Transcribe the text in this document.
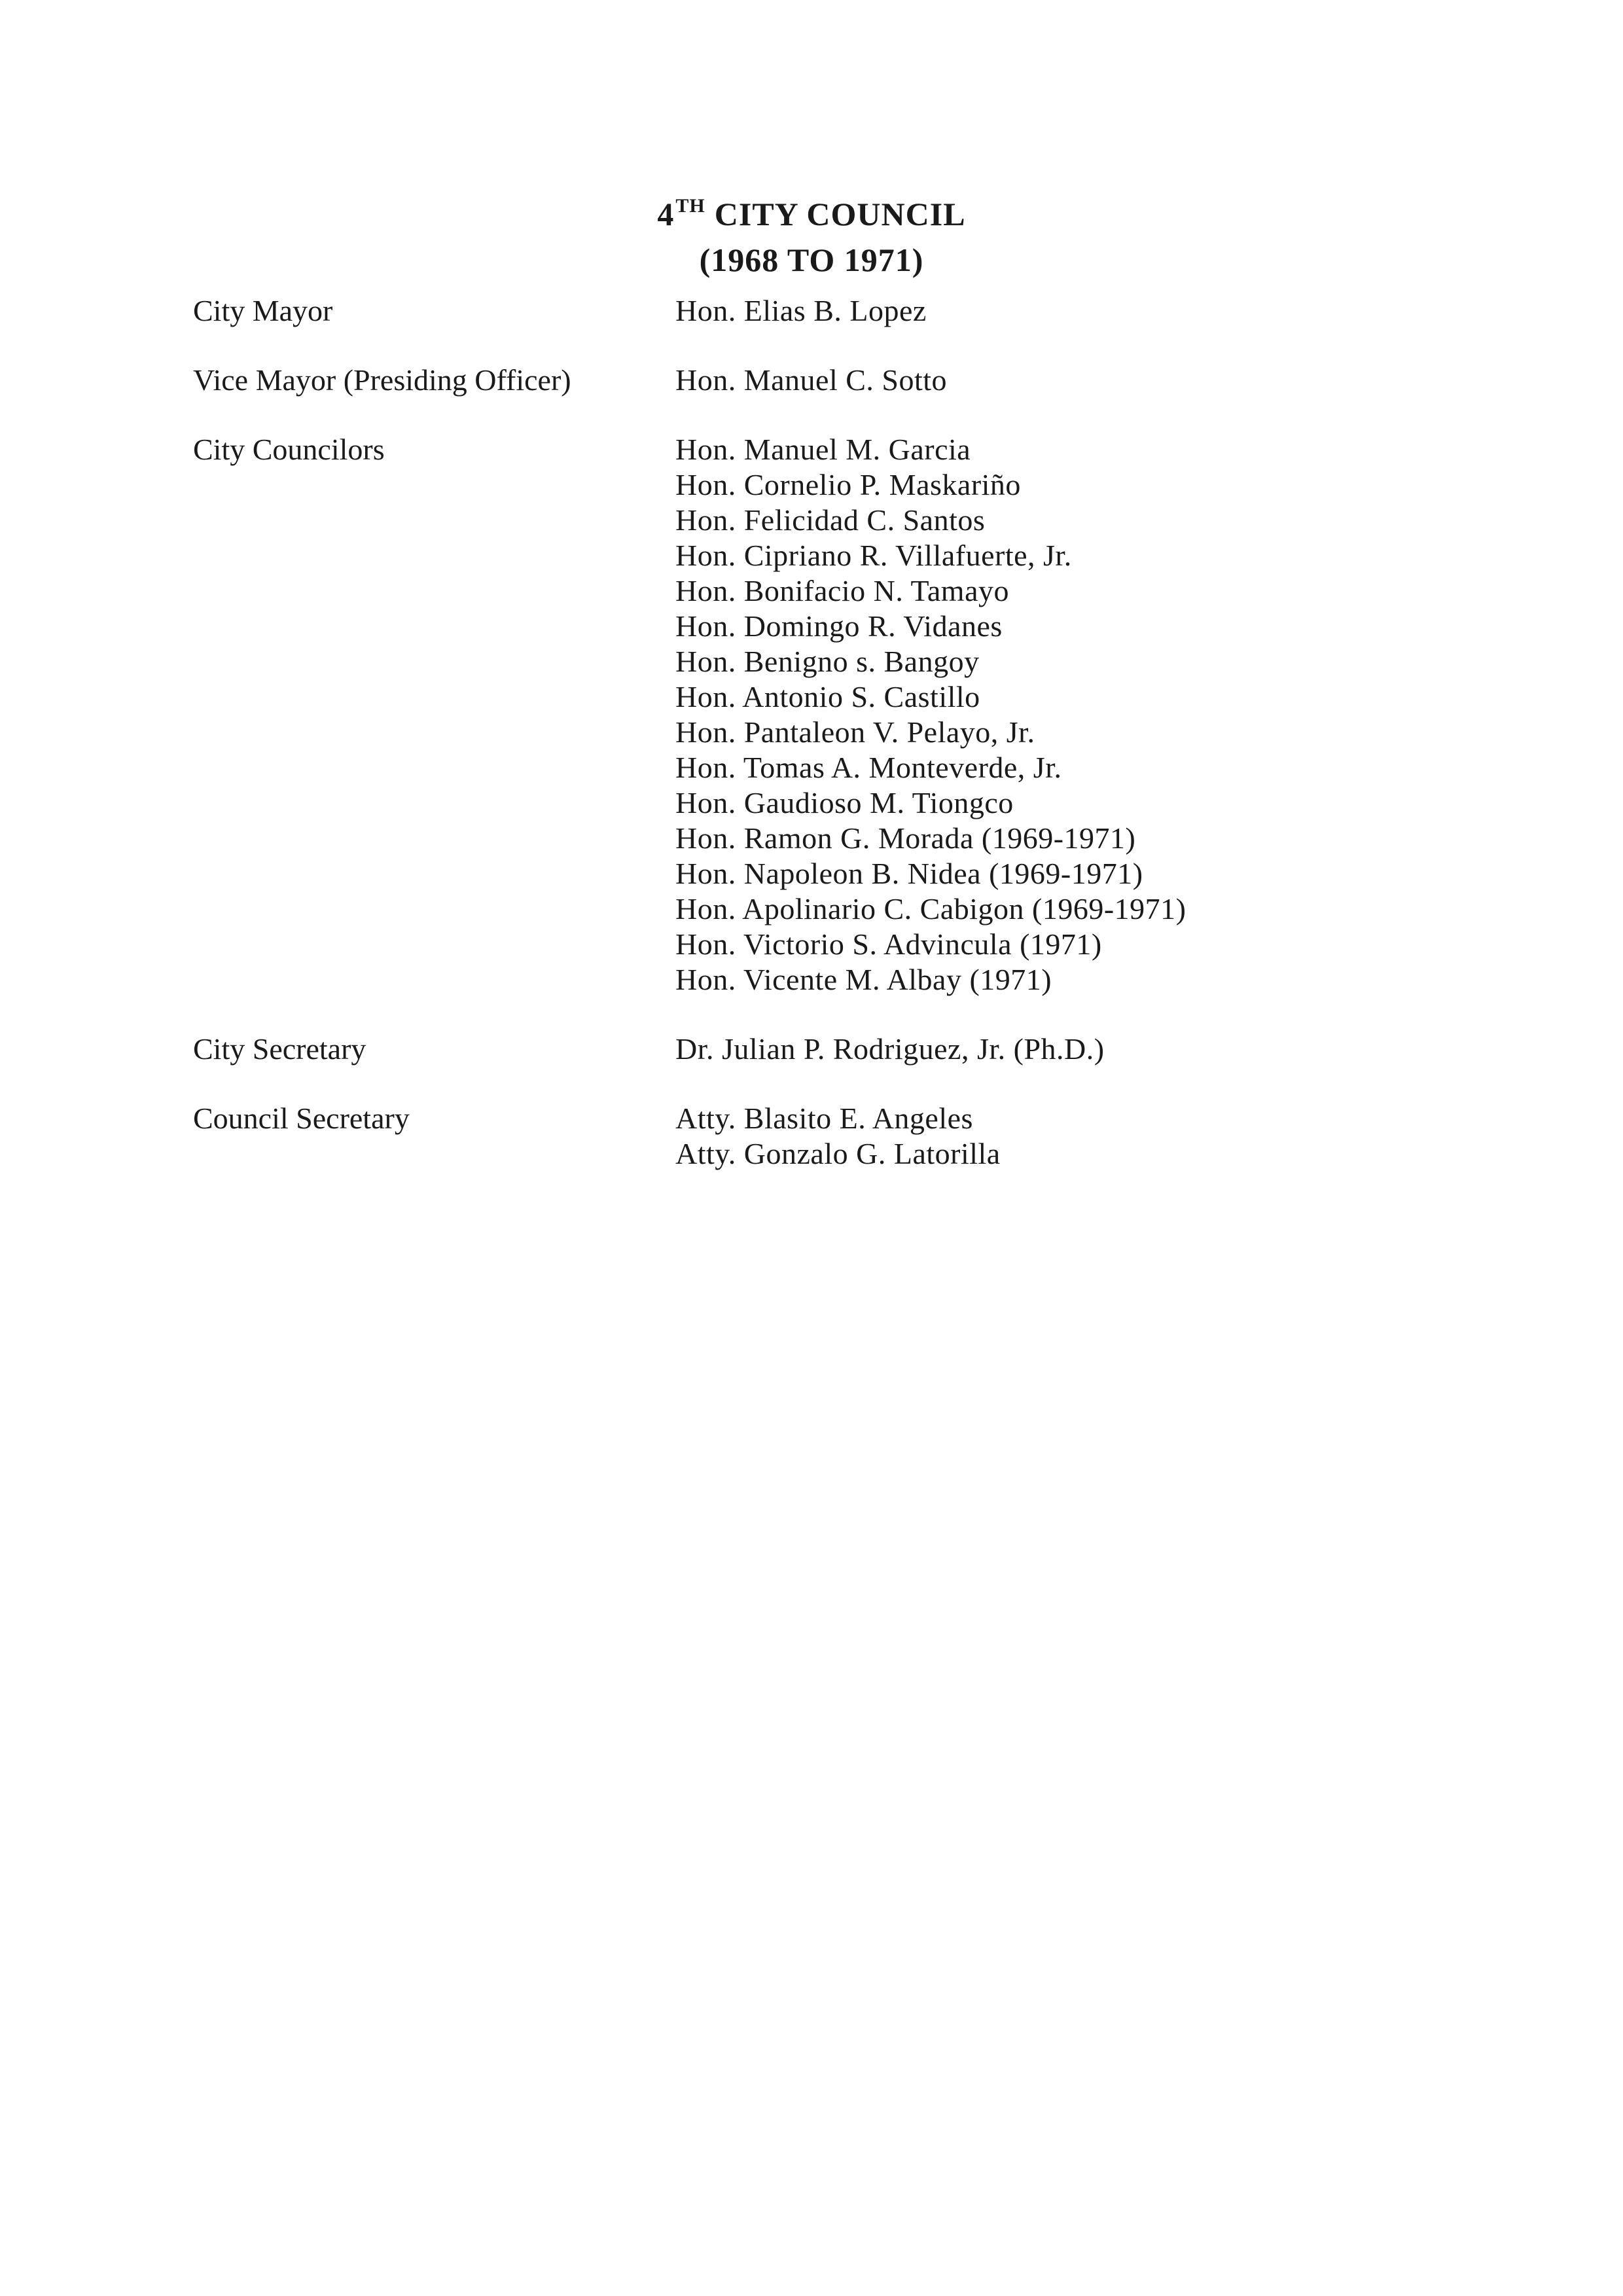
4TH CITY COUNCIL
(1968 TO 1971)
City Mayor	Hon. Elias B. Lopez
Vice Mayor (Presiding Officer)	Hon. Manuel C. Sotto
City Councilors	Hon. Manuel M. Garcia
Hon. Cornelio P. Maskariño
Hon. Felicidad C. Santos
Hon. Cipriano R. Villafuerte, Jr.
Hon. Bonifacio N. Tamayo
Hon. Domingo R. Vidanes
Hon. Benigno s. Bangoy
Hon. Antonio S. Castillo
Hon. Pantaleon V. Pelayo, Jr.
Hon. Tomas A. Monteverde, Jr.
Hon. Gaudioso M. Tiongco
Hon. Ramon G. Morada (1969-1971)
Hon. Napoleon B. Nidea (1969-1971)
Hon. Apolinario C. Cabigon (1969-1971)
Hon. Victorio S. Advincula (1971)
Hon. Vicente M. Albay (1971)
City Secretary	Dr. Julian P. Rodriguez, Jr. (Ph.D.)
Council Secretary	Atty. Blasito E. Angeles
Atty. Gonzalo G. Latorilla
